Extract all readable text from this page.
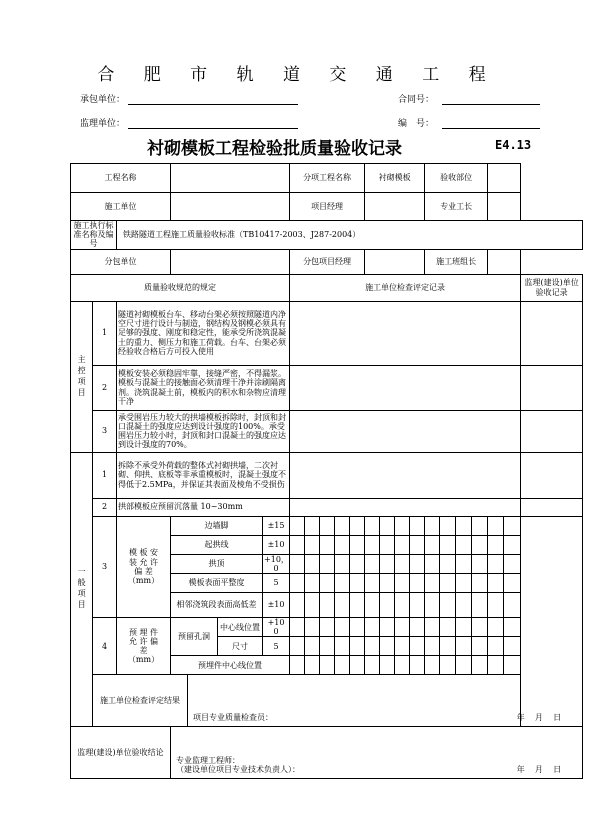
合 肥 市 轨 道 交 通 工 程
承包单位：	合同号：
监理单位：	编　号：
衬砌模板工程检验批质量验收记录	E4.13
工程名称							分项工程名称					衬砌模板				验收部位						
施工单位							项目经理									专业工长						
施工执行标准名称及编号		铁路隧道工程施工质量验收标准（TB10417-2003、J287-2004）																				
分包单位							分包项目经理									施工班组长						
质量验收规范的规定							施工单位检查评定记录															监理(建设)单位验收记录
主控项目	1	隧道衬砌模板台车、移动台架必须按照隧道内净空尺寸进行设计与制造，钢结构及钢模必须具有足够的强度、刚度和稳定性，能承受所浇筑混凝土的重力、侧压力和施工荷载。台车、台架必须经验收合格后方可投入使用																				
	2	模板安装必须稳固牢靠，接缝严密，不得漏浆。模板与混凝土的接触面必须清理干净并涂刷隔离剂。浇筑混凝土前，模板内的积水和杂物应清理干净																				
	3	承受围岩压力较大的拱墙模板拆除时，封顶和封口混凝土的强度应达到设计强度的100%。承受围岩压力较小时，封顶和封口混凝土的强度应达到设计强度的70%。																				
一般项目	1	拆除不承受外荷载的整体式衬砌拱墙，二次衬砌、仰拱、底板等非承重模板时，混凝土强度不得低于2.5MPa，并保证其表面及棱角不受损伤																				
	2	拱部模板应预留沉落量 10~30mm																				
	3	模 板 安 装 允 许 偏 差（mm）	边墙脚			±15																
			起拱线			±10																
			拱顶			+10，0																
			模板表面平整度			5																
			相邻浇筑段表面高低差			±10																
	4	预 埋 件 允 许 偏 差（mm）	预留孔洞		中心线位置	+10 0																
					尺寸	5																
			预埋件中心线位置																			
	施工单位检查评定结果			项目专业质量检查员： 年 月 日																		

监理(建设)单位验收结论			专业监理工程师：
（建设单位项目专业技术负责人）： 年 月 日																			
